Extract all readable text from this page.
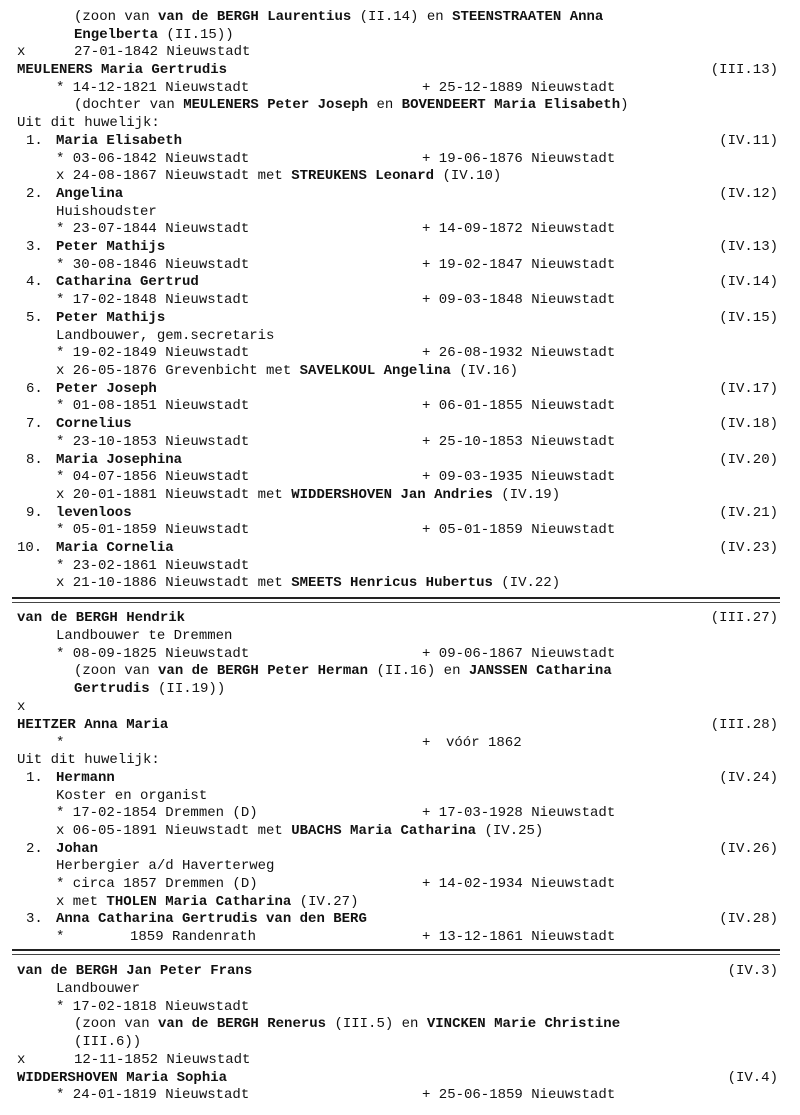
(zoon van van de BERGH Laurentius (II.14) en STEENSTRAATEN Anna
Engelberta (II.15))
x	27-01-1842 Nieuwstadt
MEULENERS Maria Gertrudis	(III.13)
* 14-12-1821 Nieuwstadt	+ 25-12-1889 Nieuwstadt
(dochter van MEULENERS Peter Joseph en BOVENDEERT Maria Elisabeth)
Uit dit huwelijk:
1. Maria Elisabeth	(IV.11)
* 03-06-1842 Nieuwstadt	+ 19-06-1876 Nieuwstadt
x 24-08-1867 Nieuwstadt met STREUKENS Leonard (IV.10)
2. Angelina	(IV.12)
Huishoudster
* 23-07-1844 Nieuwstadt	+ 14-09-1872 Nieuwstadt
3. Peter Mathijs	(IV.13)
* 30-08-1846 Nieuwstadt	+ 19-02-1847 Nieuwstadt
4. Catharina Gertrud	(IV.14)
* 17-02-1848 Nieuwstadt	+ 09-03-1848 Nieuwstadt
5. Peter Mathijs	(IV.15)
Landbouwer, gem.secretaris
* 19-02-1849 Nieuwstadt	+ 26-08-1932 Nieuwstadt
x 26-05-1876 Grevenbicht met SAVELKOUL Angelina (IV.16)
6. Peter Joseph	(IV.17)
* 01-08-1851 Nieuwstadt	+ 06-01-1855 Nieuwstadt
7. Cornelius	(IV.18)
* 23-10-1853 Nieuwstadt	+ 25-10-1853 Nieuwstadt
8. Maria Josephina	(IV.20)
* 04-07-1856 Nieuwstadt	+ 09-03-1935 Nieuwstadt
x 20-01-1881 Nieuwstadt met WIDDERSHOVEN Jan Andries (IV.19)
9. levenloos	(IV.21)
* 05-01-1859 Nieuwstadt	+ 05-01-1859 Nieuwstadt
10. Maria Cornelia	(IV.23)
* 23-02-1861 Nieuwstadt
x 21-10-1886 Nieuwstadt met SMEETS Henricus Hubertus (IV.22)
van de BERGH Hendrik	(III.27)
Landbouwer te Dremmen
* 08-09-1825 Nieuwstadt	+ 09-06-1867 Nieuwstadt
(zoon van van de BERGH Peter Herman (II.16) en JANSSEN Catharina
Gertrudis (II.19))
x
HEITZER Anna Maria	(III.28)
*	+ vóór 1862
Uit dit huwelijk:
1. Hermann	(IV.24)
Koster en organist
* 17-02-1854 Dremmen (D)	+ 17-03-1928 Nieuwstadt
x 06-05-1891 Nieuwstadt met UBACHS Maria Catharina (IV.25)
2. Johan	(IV.26)
Herbergier a/d Haverterweg
* circa 1857 Dremmen (D)	+ 14-02-1934 Nieuwstadt
x met THOLEN Maria Catharina (IV.27)
3. Anna Catharina Gertrudis van den BERG	(IV.28)
*	1859 Randenrath	+ 13-12-1861 Nieuwstadt
van de BERGH Jan Peter Frans	(IV.3)
Landbouwer
* 17-02-1818 Nieuwstadt
(zoon van van de BERGH Renerus (III.5) en VINCKEN Marie Christine
(III.6))
x	12-11-1852 Nieuwstadt
WIDDERSHOVEN Maria Sophia	(IV.4)
* 24-01-1819 Nieuwstadt	+ 25-06-1859 Nieuwstadt
